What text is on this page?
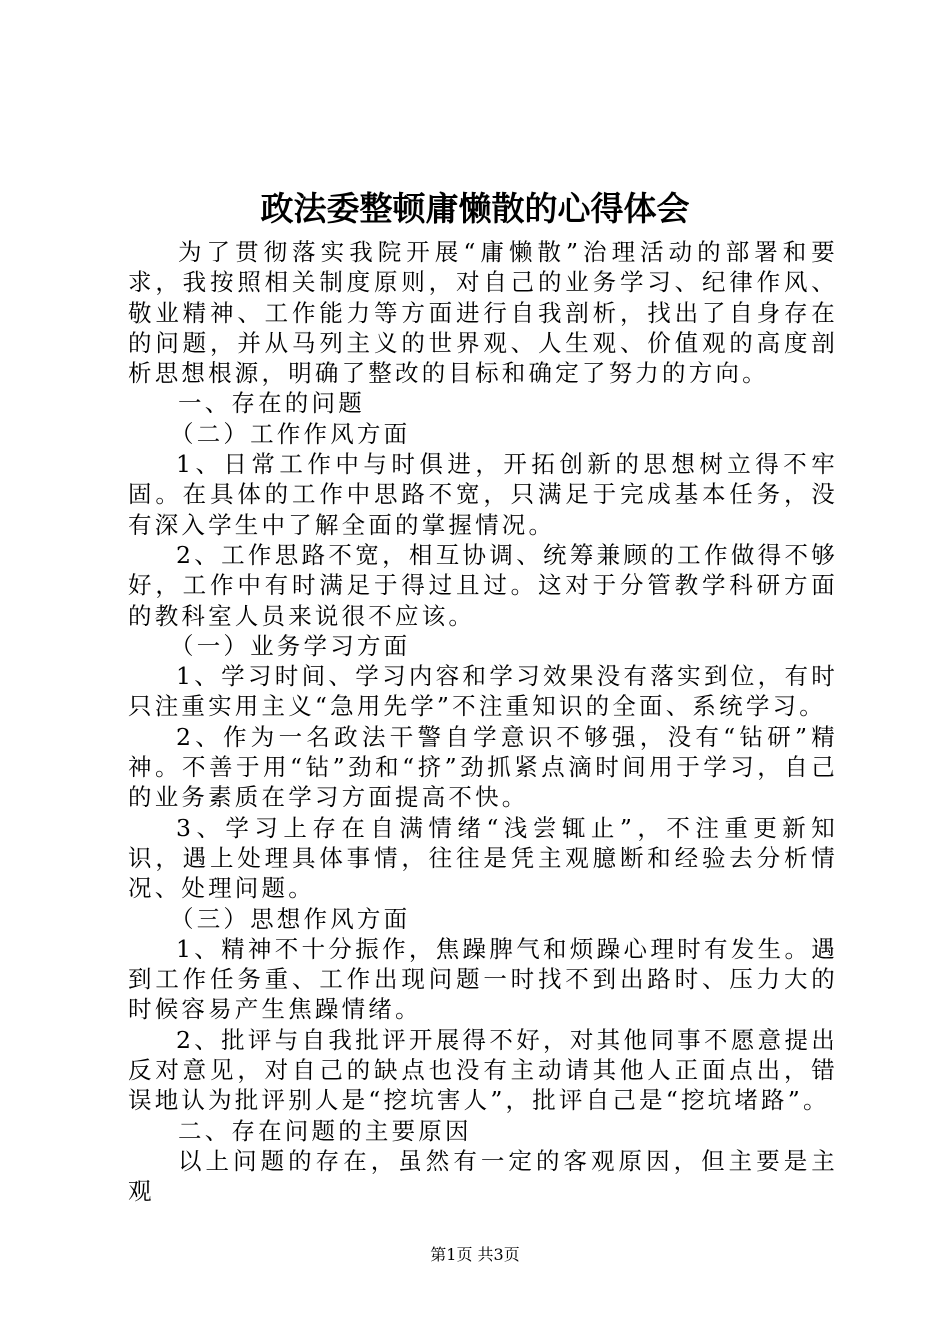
政法委整顿庸懒散的心得体会

为了贯彻落实我院开展“庸懒散”治理活动的部署和要求，我按照相关制度原则，对自己的业务学习、纪律作风、敬业精神、工作能力等方面进行自我剖析，找出了自身存在的问题，并从马列主义的世界观、人生观、价值观的高度剖析思想根源，明确了整改的目标和确定了努力的方向。

一、存在的问题

（二）工作作风方面

1、日常工作中与时俱进，开拓创新的思想树立得不牢固。在具体的工作中思路不宽，只满足于完成基本任务，没有深入学生中了解全面的掌握情况。

2、工作思路不宽，相互协调、统筹兼顾的工作做得不够好，工作中有时满足于得过且过。这对于分管教学科研方面的教科室人员来说很不应该。

（一）业务学习方面

1、学习时间、学习内容和学习效果没有落实到位，有时只注重实用主义“急用先学”不注重知识的全面、系统学习。

2、作为一名政法干警自学意识不够强，没有“钻研”精神。不善于用“钻”劲和“挤”劲抓紧点滴时间用于学习，自己的业务素质在学习方面提高不快。

3、学习上存在自满情绪“浅尝辄止”，不注重更新知识，遇上处理具体事情，往往是凭主观臆断和经验去分析情况、处理问题。

（三）思想作风方面

1、精神不十分振作，焦躁脾气和烦躁心理时有发生。遇到工作任务重、工作出现问题一时找不到出路时、压力大的时候容易产生焦躁情绪。

2、批评与自我批评开展得不好，对其他同事不愿意提出反对意见，对自己的缺点也没有主动请其他人正面点出，错误地认为批评别人是“挖坑害人”，批评自己是“挖坑堵路”。

二、存在问题的主要原因

以上问题的存在，虽然有一定的客观原因，但主要是主观

第1页 共3页
